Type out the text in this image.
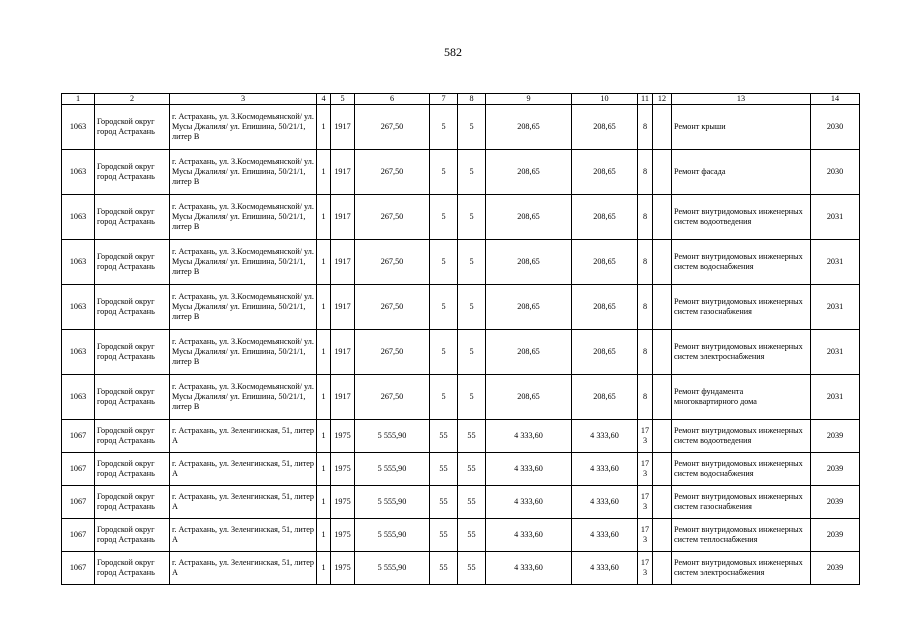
582
1	2	3	4	5	6	7	8	9	10	11	12	13	14
1063	Городской округ город Астрахань	г. Астрахань, ул. З.Космодемьянской/ ул. Мусы Джалиля/ ул. Епишина, 50/21/1, литер В	1	1917	267,50	5	5	208,65	208,65	8		Ремонт крыши	2030
1063	Городской округ город Астрахань	г. Астрахань, ул. З.Космодемьянской/ ул. Мусы Джалиля/ ул. Епишина, 50/21/1, литер В	1	1917	267,50	5	5	208,65	208,65	8		Ремонт фасада	2030
1063	Городской округ город Астрахань	г. Астрахань, ул. З.Космодемьянской/ ул. Мусы Джалиля/ ул. Епишина, 50/21/1, литер В	1	1917	267,50	5	5	208,65	208,65	8		Ремонт внутридомовых инженерных систем водоотведения	2031
1063	Городской округ город Астрахань	г. Астрахань, ул. З.Космодемьянской/ ул. Мусы Джалиля/ ул. Епишина, 50/21/1, литер В	1	1917	267,50	5	5	208,65	208,65	8		Ремонт внутридомовых инженерных систем водоснабжения	2031
1063	Городской округ город Астрахань	г. Астрахань, ул. З.Космодемьянской/ ул. Мусы Джалиля/ ул. Епишина, 50/21/1, литер В	1	1917	267,50	5	5	208,65	208,65	8		Ремонт внутридомовых инженерных систем газоснабжения	2031
1063	Городской округ город Астрахань	г. Астрахань, ул. З.Космодемьянской/ ул. Мусы Джалиля/ ул. Епишина, 50/21/1, литер В	1	1917	267,50	5	5	208,65	208,65	8		Ремонт внутридомовых инженерных систем электроснабжения	2031
1063	Городской округ город Астрахань	г. Астрахань, ул. З.Космодемьянской/ ул. Мусы Джалиля/ ул. Епишина, 50/21/1, литер В	1	1917	267,50	5	5	208,65	208,65	8		Ремонт фундамента многоквартирного дома	2031
1067	Городской округ город Астрахань	г. Астрахань, ул. Зеленгинская, 51, литер А	1	1975	5 555,90	55	55	4 333,60	4 333,60	173		Ремонт внутридомовых инженерных систем водоотведения	2039
1067	Городской округ город Астрахань	г. Астрахань, ул. Зеленгинская, 51, литер А	1	1975	5 555,90	55	55	4 333,60	4 333,60	173		Ремонт внутридомовых инженерных систем водоснабжения	2039
1067	Городской округ город Астрахань	г. Астрахань, ул. Зеленгинская, 51, литер А	1	1975	5 555,90	55	55	4 333,60	4 333,60	173		Ремонт внутридомовых инженерных систем газоснабжения	2039
1067	Городской округ город Астрахань	г. Астрахань, ул. Зеленгинская, 51, литер А	1	1975	5 555,90	55	55	4 333,60	4 333,60	173		Ремонт внутридомовых инженерных систем теплоснабжения	2039
1067	Городской округ город Астрахань	г. Астрахань, ул. Зеленгинская, 51, литер А	1	1975	5 555,90	55	55	4 333,60	4 333,60	173		Ремонт внутридомовых инженерных систем электроснабжения	2039
